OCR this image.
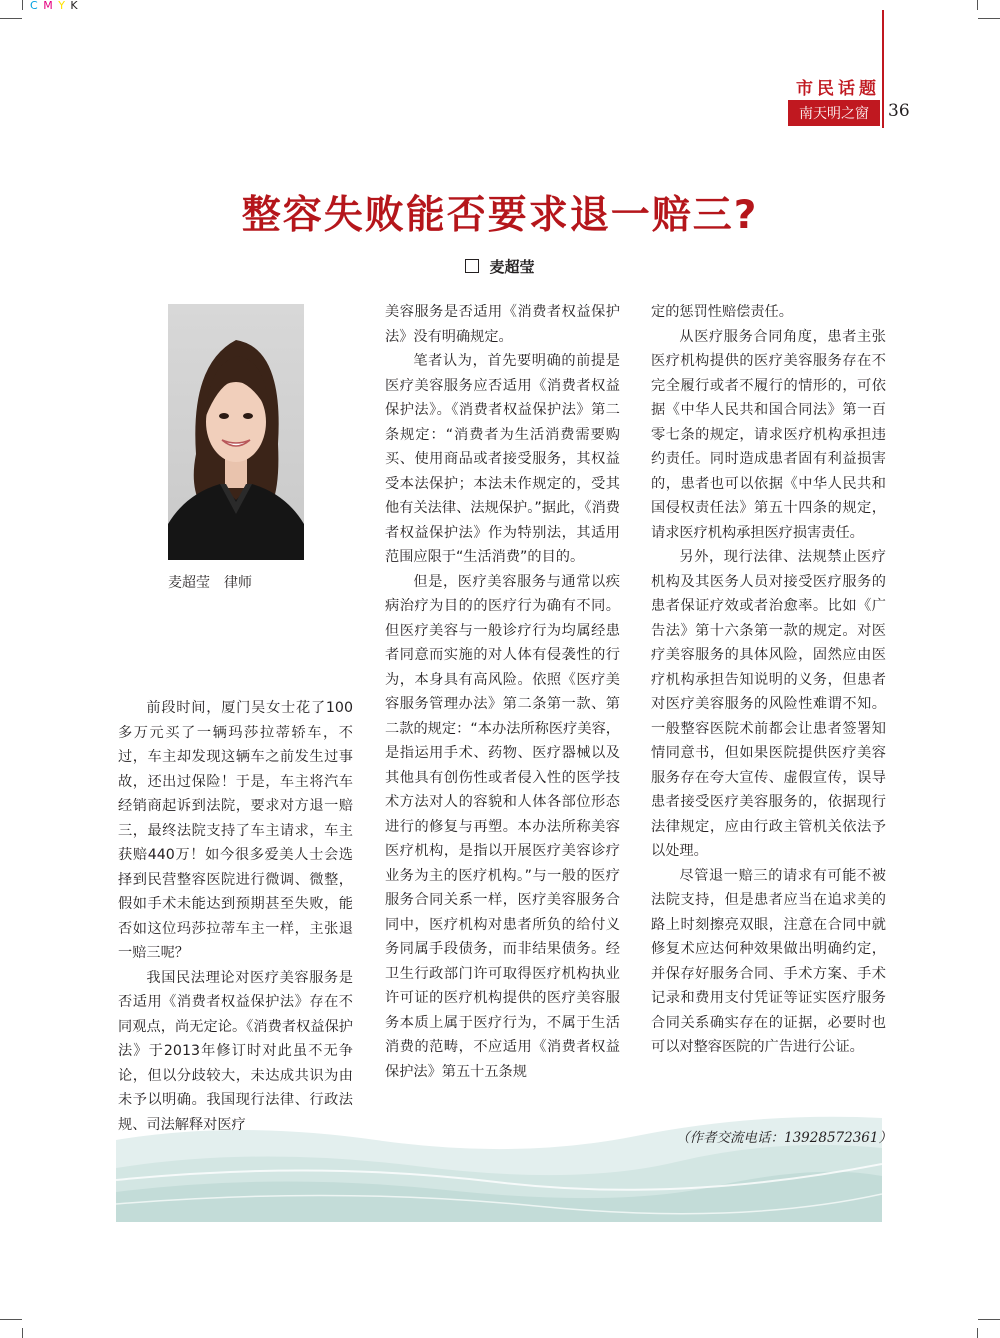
C M Y K
市民话题
南天明之窗	36
整容失败能否要求退一赔三?
麦超莹
麦超莹　律师

前段时间，厦门吴女士花了100多万元买了一辆玛莎拉蒂轿车，不过，车主却发现这辆车之前发生过事故，还出过保险！于是，车主将汽车经销商起诉到法院，要求对方退一赔三，最终法院支持了车主请求，车主获赔440万！如今很多爱美人士会选择到民营整容医院进行微调、微整，假如手术未能达到预期甚至失败，能否如这位玛莎拉蒂车主一样，主张退一赔三呢？

我国民法理论对医疗美容服务是否适用《消费者权益保护法》存在不同观点，尚无定论。《消费者权益保护法》于2013年修订时对此虽不无争论，但以分歧较大，未达成共识为由未予以明确。我国现行法律、行政法规、司法解释对医疗

美容服务是否适用《消费者权益保护法》没有明确规定。

笔者认为，首先要明确的前提是医疗美容服务应否适用《消费者权益保护法》。《消费者权益保护法》第二条规定：“消费者为生活消费需要购买、使用商品或者接受服务，其权益受本法保护；本法未作规定的，受其他有关法律、法规保护。”据此，《消费者权益保护法》作为特别法，其适用范围应限于“生活消费”的目的。

但是，医疗美容服务与通常以疾病治疗为目的的医疗行为确有不同。但医疗美容与一般诊疗行为均属经患者同意而实施的对人体有侵袭性的行为，本身具有高风险。依照《医疗美容服务管理办法》第二条第一款、第二款的规定：“本办法所称医疗美容，是指运用手术、药物、医疗器械以及其他具有创伤性或者侵入性的医学技术方法对人的容貌和人体各部位形态进行的修复与再塑。本办法所称美容医疗机构，是指以开展医疗美容诊疗业务为主的医疗机构。”与一般的医疗服务合同关系一样，医疗美容服务合同中，医疗机构对患者所负的给付义务同属手段债务，而非结果债务。经卫生行政部门许可取得医疗机构执业许可证的医疗机构提供的医疗美容服务本质上属于医疗行为，不属于生活消费的范畴，不应适用《消费者权益保护法》第五十五条规

定的惩罚性赔偿责任。

从医疗服务合同角度，患者主张医疗机构提供的医疗美容服务存在不完全履行或者不履行的情形的，可依据《中华人民共和国合同法》第一百零七条的规定，请求医疗机构承担违约责任。同时造成患者固有利益损害的，患者也可以依据《中华人民共和国侵权责任法》第五十四条的规定，请求医疗机构承担医疗损害责任。

另外，现行法律、法规禁止医疗机构及其医务人员对接受医疗服务的患者保证疗效或者治愈率。比如《广告法》第十六条第一款的规定。对医疗美容服务的具体风险，固然应由医疗机构承担告知说明的义务，但患者对医疗美容服务的风险性难谓不知。一般整容医院术前都会让患者签署知情同意书，但如果医院提供医疗美容服务存在夸大宣传、虚假宣传，误导患者接受医疗美容服务的，依据现行法律规定，应由行政主管机关依法予以处理。

尽管退一赔三的请求有可能不被法院支持，但是患者应当在追求美的路上时刻擦亮双眼，注意在合同中就修复术应达何种效果做出明确约定，并保存好服务合同、手术方案、手术记录和费用支付凭证等证实医疗服务合同关系确实存在的证据，必要时也可以对整容医院的广告进行公证。

（作者交流电话：13928572361）
